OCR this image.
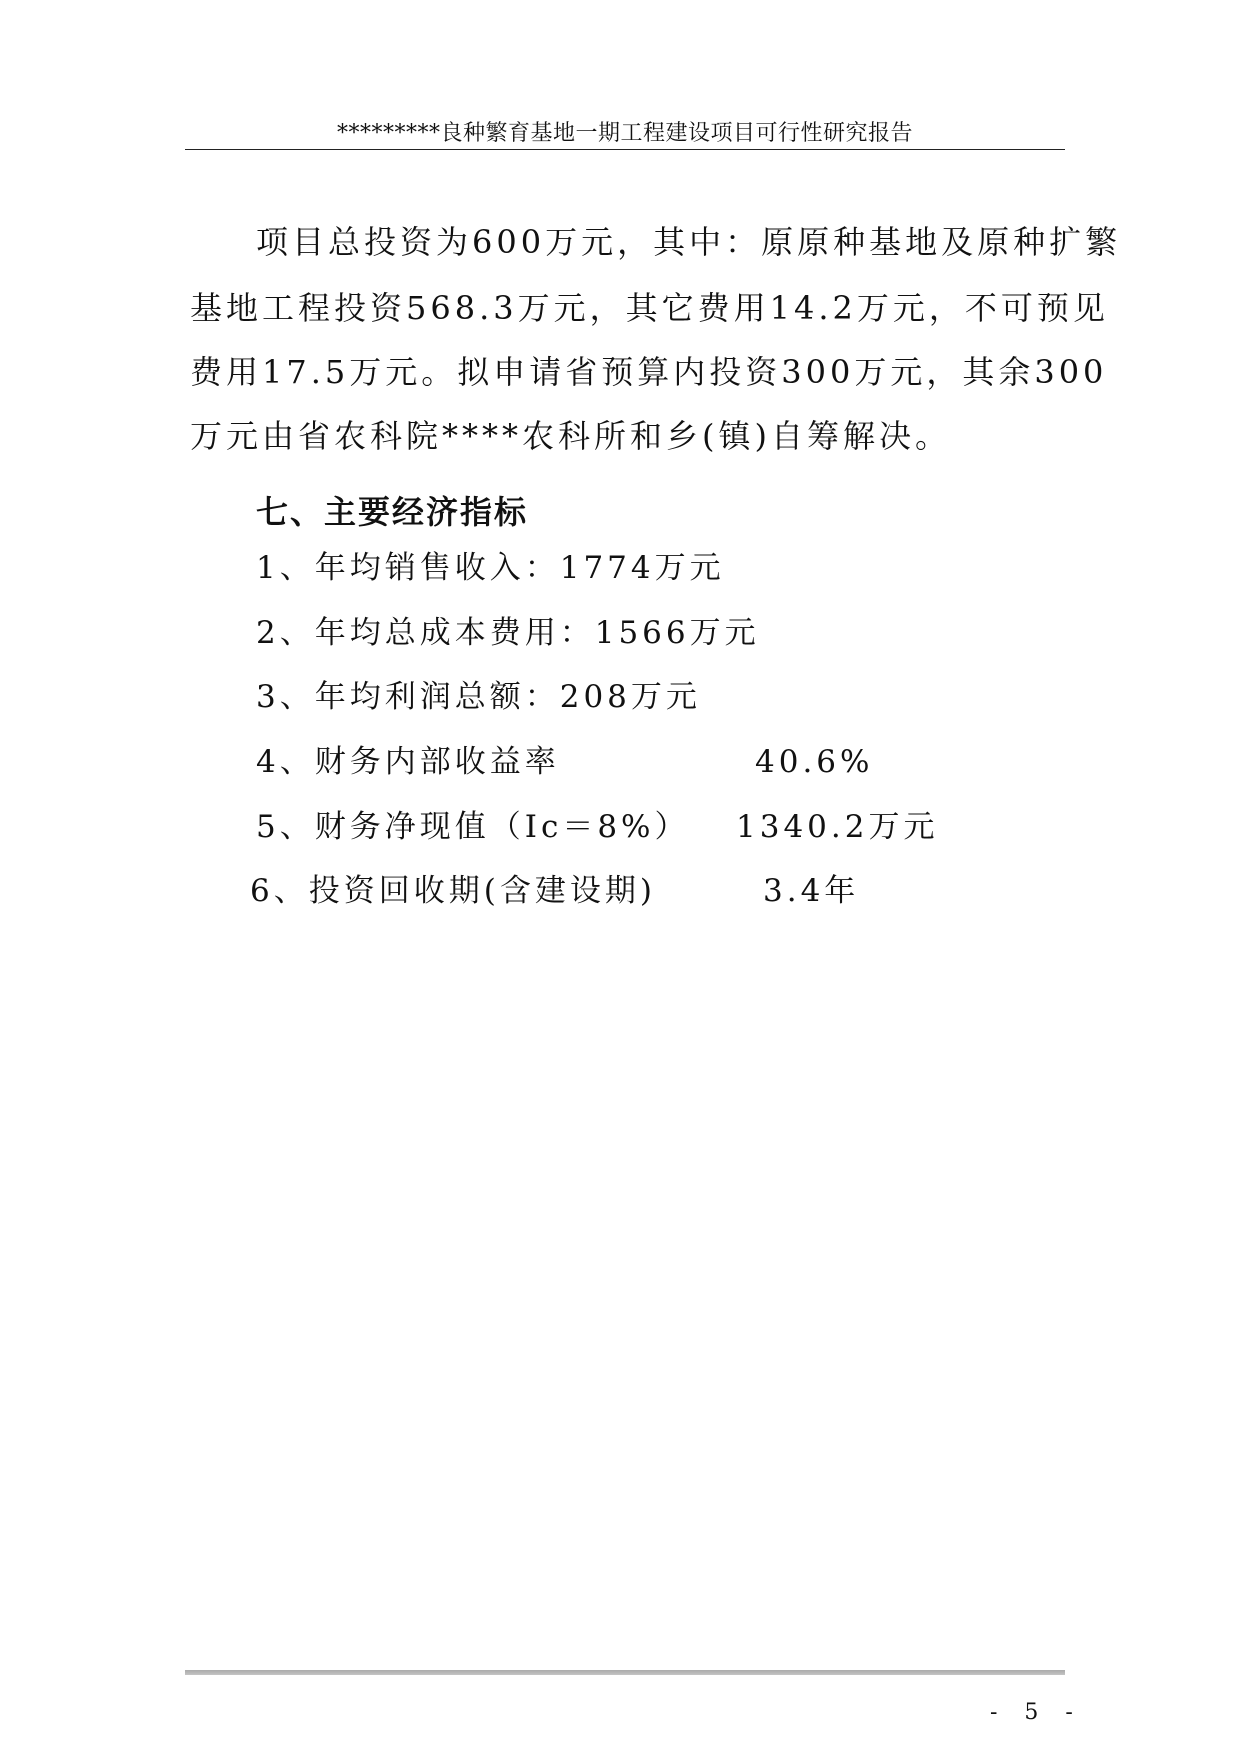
*********良种繁育基地一期工程建设项目可行性研究报告
项目总投资为600万元，其中：原原种基地及原种扩繁
基地工程投资568.3万元，其它费用14.2万元，不可预见
费用17.5万元。拟申请省预算内投资300万元，其余300
万元由省农科院****农科所和乡(镇)自筹解决。
七、主要经济指标
1、年均销售收入：1774万元
2、年均总成本费用：1566万元
3、年均利润总额：208万元
4、财务内部收益率	40.6%
5、财务净现值（Ic＝8%） 1340.2万元
6、投资回收期(含建设期)	3.4年
- 5 -
